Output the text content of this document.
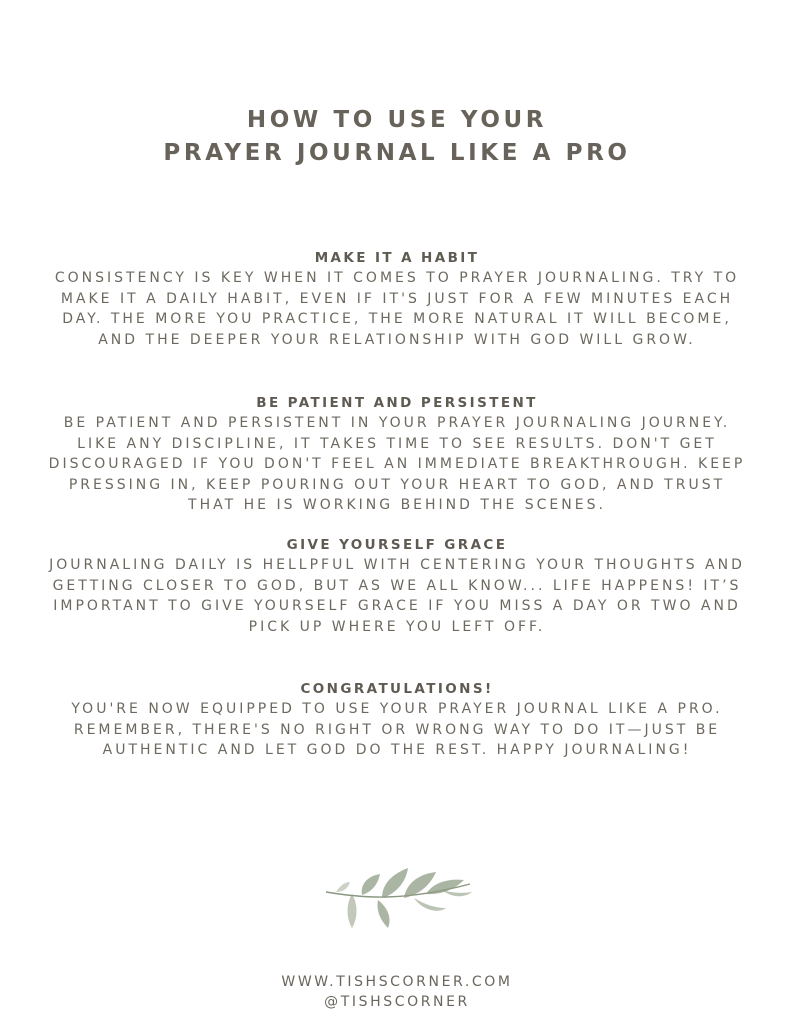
HOW TO USE YOUR
PRAYER JOURNAL LIKE A PRO
MAKE IT A HABIT
CONSISTENCY IS KEY WHEN IT COMES TO PRAYER JOURNALING. TRY TO MAKE IT A DAILY HABIT, EVEN IF IT'S JUST FOR A FEW MINUTES EACH DAY. THE MORE YOU PRACTICE, THE MORE NATURAL IT WILL BECOME, AND THE DEEPER YOUR RELATIONSHIP WITH GOD WILL GROW.
BE PATIENT AND PERSISTENT
BE PATIENT AND PERSISTENT IN YOUR PRAYER JOURNALING JOURNEY. LIKE ANY DISCIPLINE, IT TAKES TIME TO SEE RESULTS. DON'T GET DISCOURAGED IF YOU DON'T FEEL AN IMMEDIATE BREAKTHROUGH. KEEP PRESSING IN, KEEP POURING OUT YOUR HEART TO GOD, AND TRUST THAT HE IS WORKING BEHIND THE SCENES.
GIVE YOURSELF GRACE
JOURNALING DAILY IS HELLPFUL WITH CENTERING YOUR THOUGHTS AND GETTING CLOSER TO GOD, BUT AS WE ALL KNOW... LIFE HAPPENS! IT’S IMPORTANT TO GIVE YOURSELF GRACE IF YOU MISS A DAY OR TWO AND PICK UP WHERE YOU LEFT OFF.
CONGRATULATIONS!
YOU'RE NOW EQUIPPED TO USE YOUR PRAYER JOURNAL LIKE A PRO. REMEMBER, THERE'S NO RIGHT OR WRONG WAY TO DO IT—JUST BE AUTHENTIC AND LET GOD DO THE REST. HAPPY JOURNALING!
WWW.TISHSCORNER.COM
@TISHSCORNER
